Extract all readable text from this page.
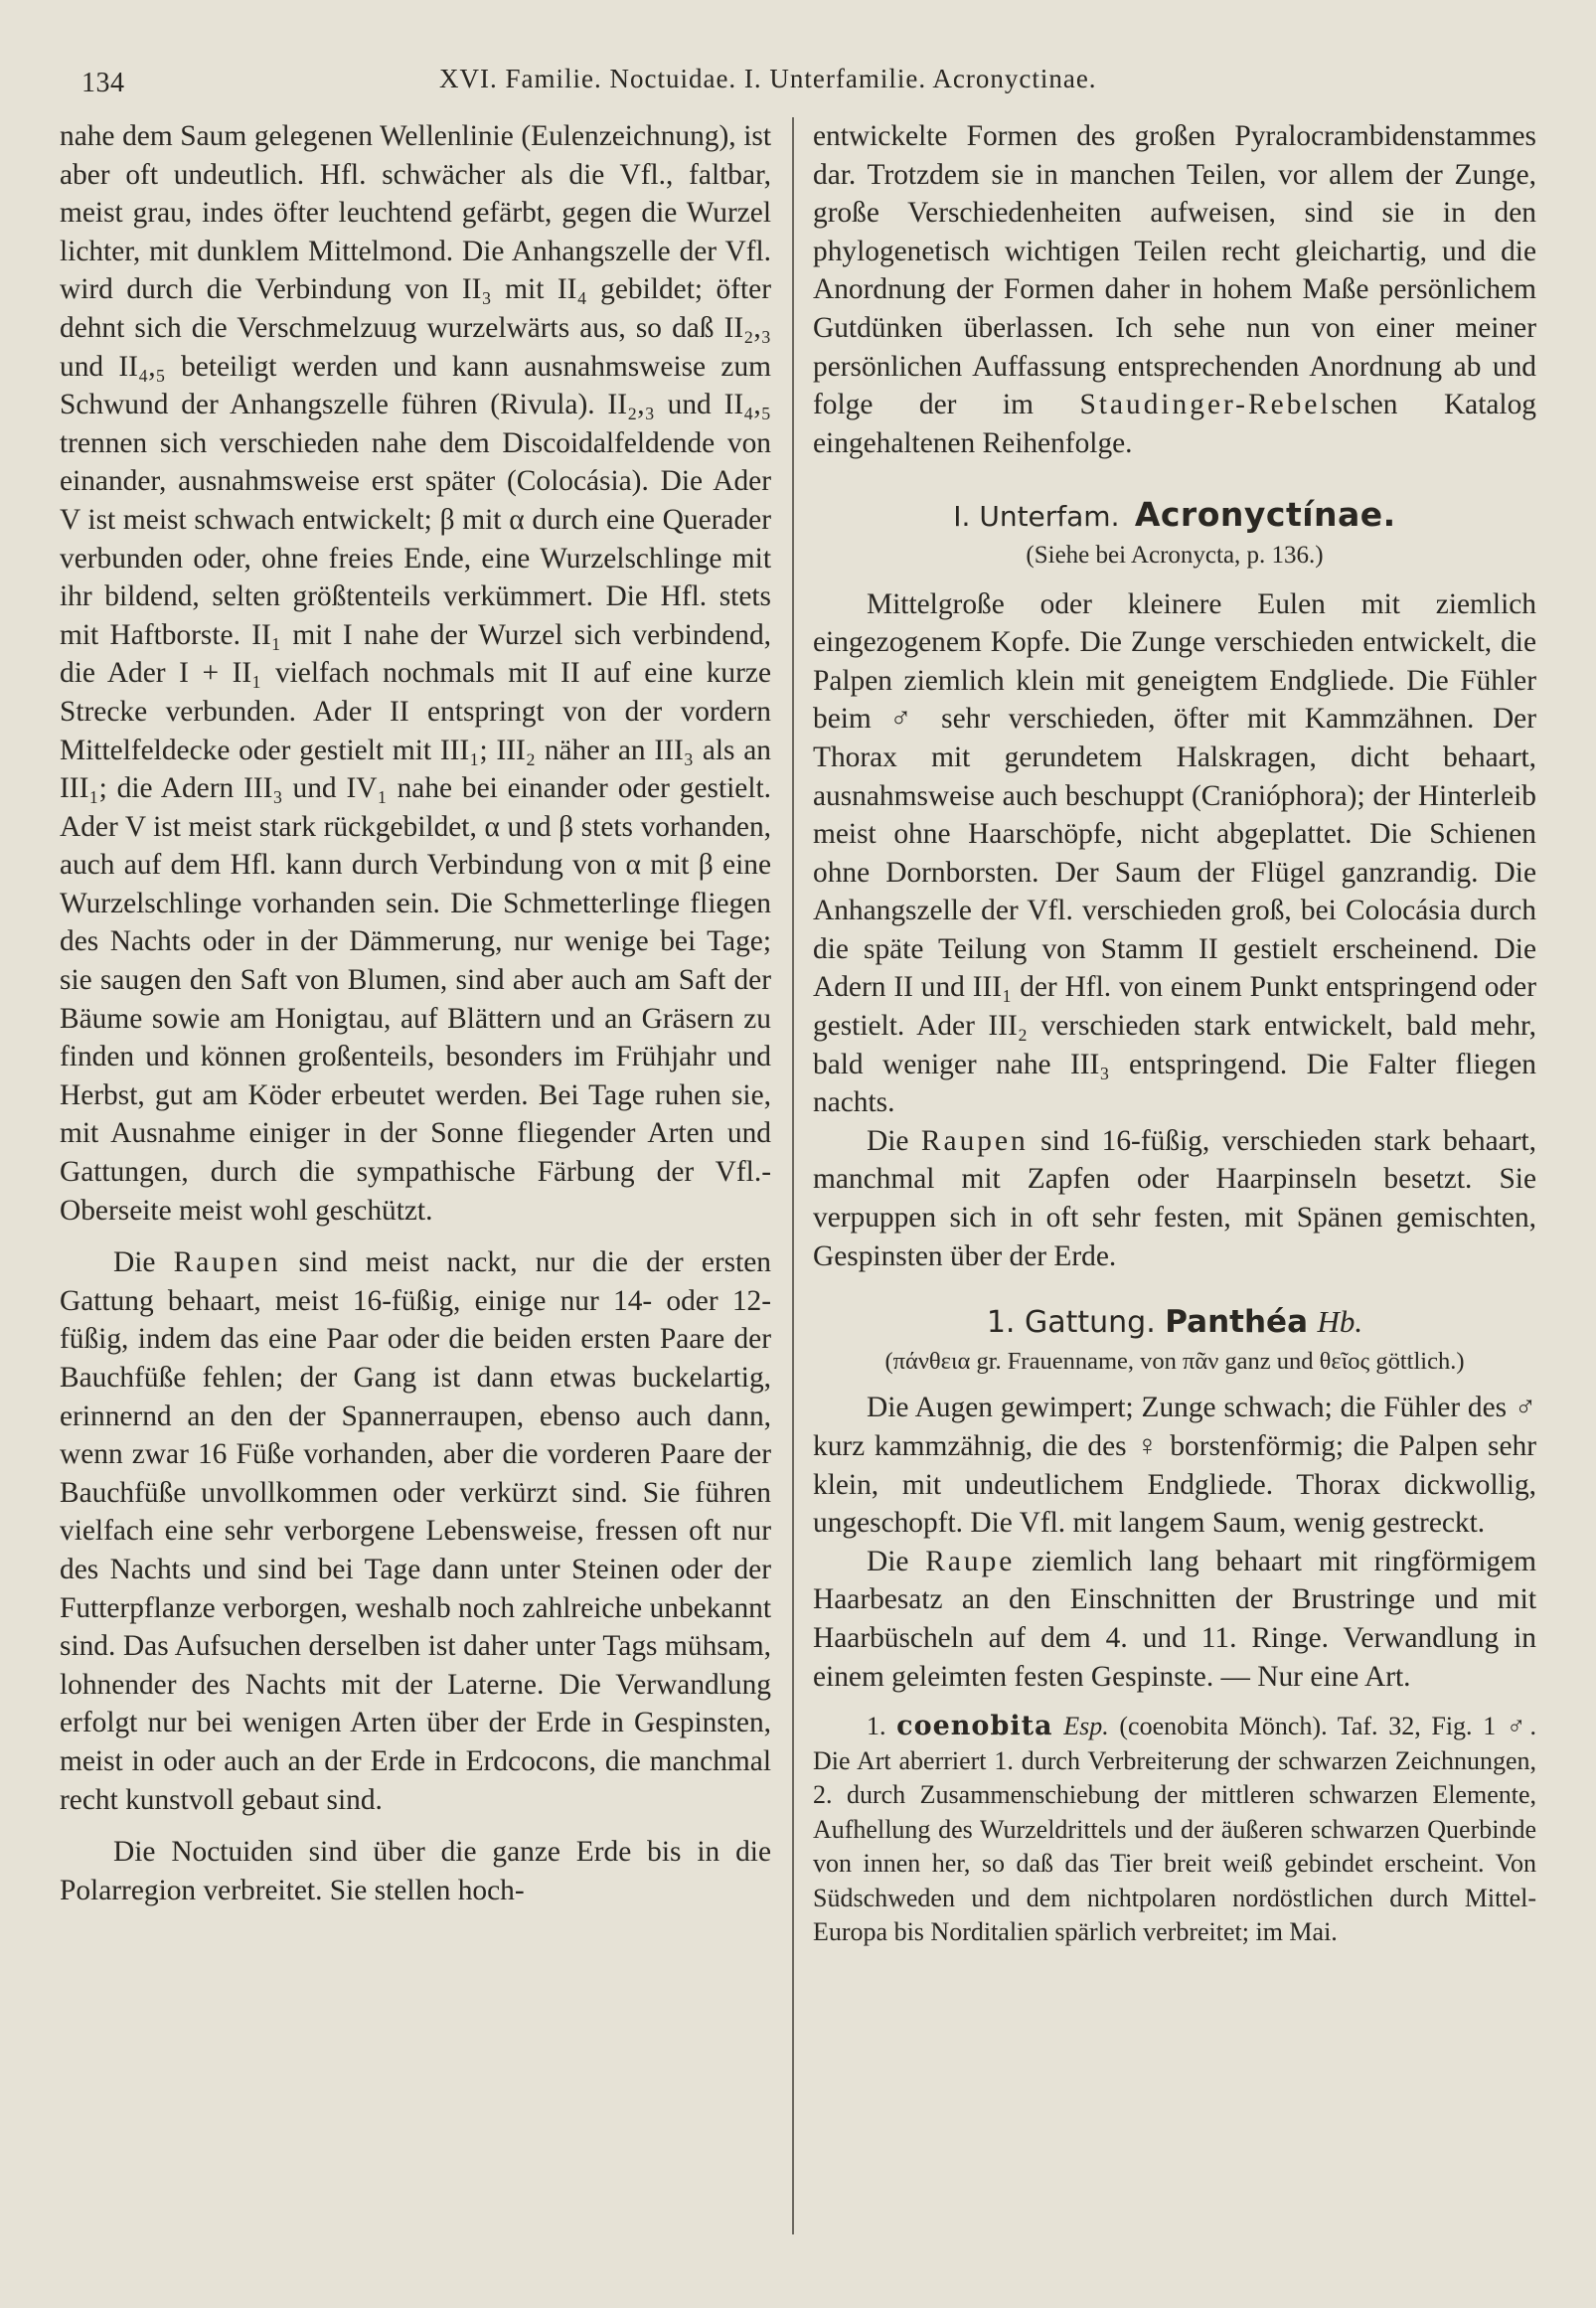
134	XVI. Familie. Noctuidae. I. Unterfamilie. Acronyctinae.

nahe dem Saum gelegenen Wellenlinie (Eulenzeichnung), ist aber oft undeutlich. Hfl. schwächer als die Vfl., faltbar, meist grau, indes öfter leuchtend gefärbt, gegen die Wurzel lichter, mit dunklem Mittelmond. Die Anhangszelle der Vfl. wird durch die Verbindung von II₃ mit II₄ gebildet; öfter dehnt sich die Verschmelzuug wurzelwärts aus, so daß II₂,₃ und II₄,₅ beteiligt werden und kann ausnahmsweise zum Schwund der Anhangszelle führen (Rivula). II₂,₃ und II₄,₅ trennen sich verschieden nahe dem Discoidalfeldende von einander, ausnahmsweise erst später (Colocásia). Die Ader V ist meist schwach entwickelt; β mit α durch eine Querader verbunden oder, ohne freies Ende, eine Wurzelschlinge mit ihr bildend, selten größtenteils verkümmert. Die Hfl. stets mit Haftborste. II₁ mit I nahe der Wurzel sich verbindend, die Ader I + II₁ vielfach nochmals mit II auf eine kurze Strecke verbunden. Ader II entspringt von der vordern Mittelfeldecke oder gestielt mit III₁; III₂ näher an III₃ als an III₁; die Adern III₃ und IV₁ nahe bei einander oder gestielt. Ader V ist meist stark rückgebildet, α und β stets vorhanden, auch auf dem Hfl. kann durch Verbindung von α mit β eine Wurzelschlinge vorhanden sein. Die Schmetterlinge fliegen des Nachts oder in der Dämmerung, nur wenige bei Tage; sie saugen den Saft von Blumen, sind aber auch am Saft der Bäume sowie am Honigtau, auf Blättern und an Gräsern zu finden und können großenteils, besonders im Frühjahr und Herbst, gut am Köder erbeutet werden. Bei Tage ruhen sie, mit Ausnahme einiger in der Sonne fliegender Arten und Gattungen, durch die sympathische Färbung der Vfl.-Oberseite meist wohl geschützt.

Die Raupen sind meist nackt, nur die der ersten Gattung behaart, meist 16-füßig, einige nur 14- oder 12-füßig, indem das eine Paar oder die beiden ersten Paare der Bauchfüße fehlen; der Gang ist dann etwas buckelartig, erinnernd an den der Spannerraupen, ebenso auch dann, wenn zwar 16 Füße vorhanden, aber die vorderen Paare der Bauchfüße unvollkommen oder verkürzt sind. Sie führen vielfach eine sehr verborgene Lebensweise, fressen oft nur des Nachts und sind bei Tage dann unter Steinen oder der Futterpflanze verborgen, weshalb noch zahlreiche unbekannt sind. Das Aufsuchen derselben ist daher unter Tags mühsam, lohnender des Nachts mit der Laterne. Die Verwandlung erfolgt nur bei wenigen Arten über der Erde in Gespinsten, meist in oder auch an der Erde in Erdcocons, die manchmal recht kunstvoll gebaut sind.

Die Noctuiden sind über die ganze Erde bis in die Polarregion verbreitet. Sie stellen hoch-

entwickelte Formen des großen Pyralocrambidenstammes dar. Trotzdem sie in manchen Teilen, vor allem der Zunge, große Verschiedenheiten aufweisen, sind sie in den phylogenetisch wichtigen Teilen recht gleichartig, und die Anordnung der Formen daher in hohem Maße persönlichem Gutdünken überlassen. Ich sehe nun von einer meiner persönlichen Auffassung entsprechenden Anordnung ab und folge der im Staudinger-Rebelschen Katalog eingehaltenen Reihenfolge.

I. Unterfam. Acronyctínae.
(Siehe bei Acronycta, p. 136.)

Mittelgroße oder kleinere Eulen mit ziemlich eingezogenem Kopfe. Die Zunge verschieden entwickelt, die Palpen ziemlich klein mit geneigtem Endgliede. Die Fühler beim ♂ sehr verschieden, öfter mit Kammzähnen. Der Thorax mit gerundetem Halskragen, dicht behaart, ausnahmsweise auch beschuppt (Cranióphora); der Hinterleib meist ohne Haarschöpfe, nicht abgeplattet. Die Schienen ohne Dornborsten. Der Saum der Flügel ganzrandig. Die Anhangszelle der Vfl. verschieden groß, bei Colocásia durch die späte Teilung von Stamm II gestielt erscheinend. Die Adern II und III₁ der Hfl. von einem Punkt entspringend oder gestielt. Ader III₂ verschieden stark entwickelt, bald mehr, bald weniger nahe III₃ entspringend. Die Falter fliegen nachts.

Die Raupen sind 16-füßig, verschieden stark behaart, manchmal mit Zapfen oder Haarpinseln besetzt. Sie verpuppen sich in oft sehr festen, mit Spänen gemischten, Gespinsten über der Erde.

1. Gattung. Panthéa Hb.
(πάνθεια gr. Frauenname, von πᾶν ganz und θεῖος göttlich.)

Die Augen gewimpert; Zunge schwach; die Fühler des ♂ kurz kammzähnig, die des ♀ borstenförmig; die Palpen sehr klein, mit undeutlichem Endgliede. Thorax dickwollig, ungeschopft. Die Vfl. mit langem Saum, wenig gestreckt.

Die Raupe ziemlich lang behaart mit ringförmigem Haarbesatz an den Einschnitten der Brustringe und mit Haarbüscheln auf dem 4. und 11. Ringe. Verwandlung in einem geleimten festen Gespinste. — Nur eine Art.

1. coenobita Esp. (coenobita Mönch). Taf. 32, Fig. 1 ♂. Die Art aberriert 1. durch Verbreiterung der schwarzen Zeichnungen, 2. durch Zusammenschiebung der mittleren schwarzen Elemente, Aufhellung des Wurzeldrittels und der äußeren schwarzen Querbinde von innen her, so daß das Tier breit weiß gebindet erscheint. Von Südschweden und dem nichtpolaren nordöstlichen durch Mittel-Europa bis Norditalien spärlich verbreitet; im Mai.
